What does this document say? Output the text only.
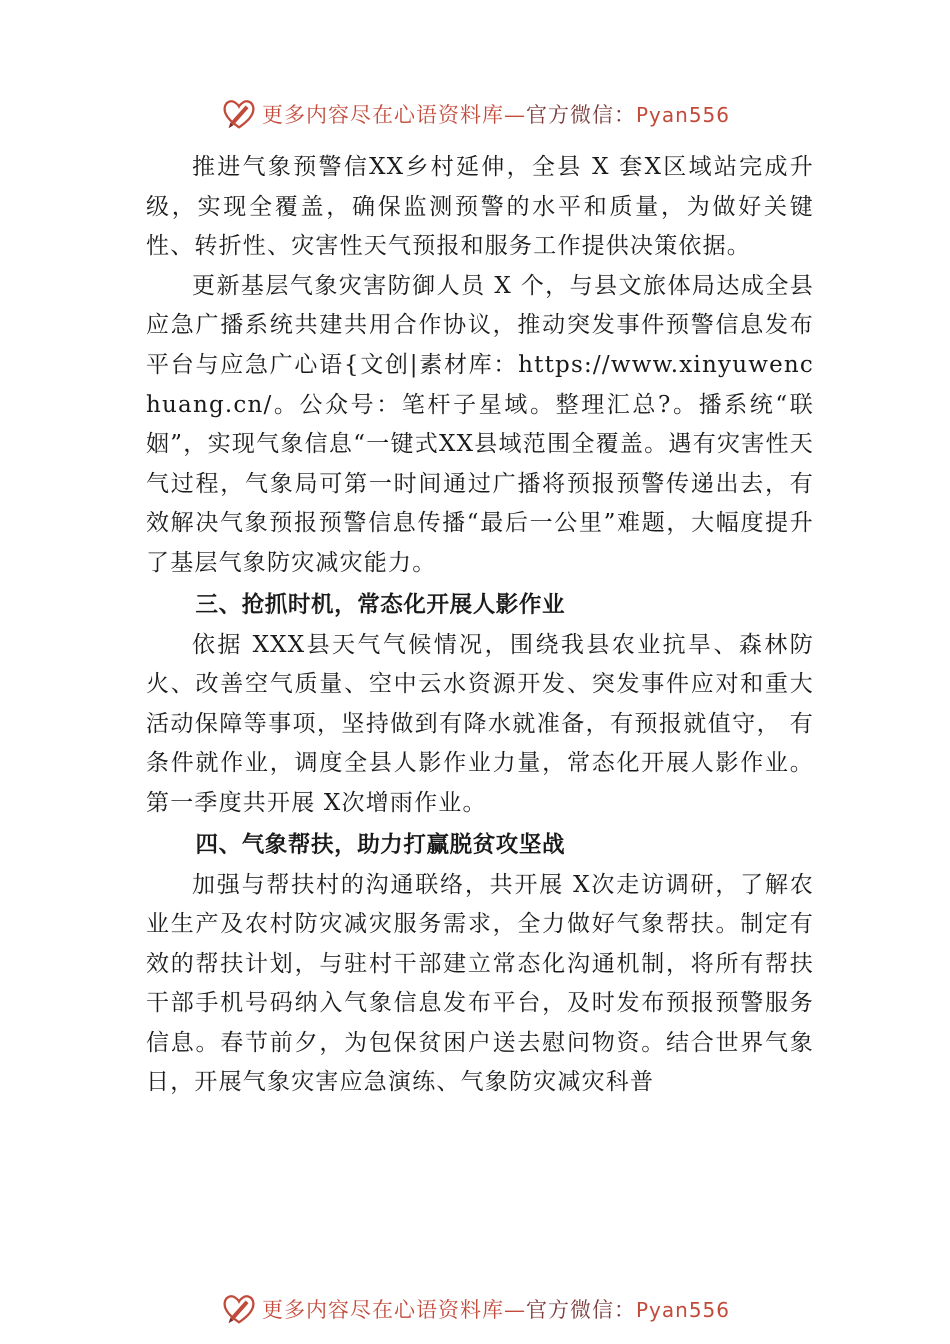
更多内容尽在心语资料库—官方微信：Pyan556

推进气象预警信XX乡村延伸，全县 X 套X区域站完成升级，实现全覆盖，确保监测预警的水平和质量，为做好关键性、转折性、灾害性天气预报和服务工作提供决策依据。

更新基层气象灾害防御人员 X 个，与县文旅体局达成全县应急广播系统共建共用合作协议，推动突发事件预警信息发布平台与应急广心语{文创|素材库：https://www.xinyuwenchuang.cn/。公众号：笔杆子星域。整理汇总?。播系统“联姻”，实现气象信息“一键式XX县域范围全覆盖。遇有灾害性天气过程，气象局可第一时间通过广播将预报预警传递出去，有效解决气象预报预警信息传播“最后一公里”难题，大幅度提升了基层气象防灾减灾能力。

三、抢抓时机，常态化开展人影作业

依据 XXX县天气气候情况，围绕我县农业抗旱、森林防火、改善空气质量、空中云水资源开发、突发事件应对和重大活动保障等事项，坚持做到有降水就准备，有预报就值守， 有条件就作业，调度全县人影作业力量，常态化开展人影作业。第一季度共开展 X次增雨作业。

四、气象帮扶，助力打赢脱贫攻坚战

加强与帮扶村的沟通联络，共开展 X次走访调研，了解农业生产及农村防灾减灾服务需求，全力做好气象帮扶。制定有效的帮扶计划，与驻村干部建立常态化沟通机制，将所有帮扶干部手机号码纳入气象信息发布平台，及时发布预报预警服务信息。春节前夕，为包保贫困户送去慰问物资。结合世界气象日，开展气象灾害应急演练、气象防灾减灾科普

更多内容尽在心语资料库—官方微信：Pyan556
